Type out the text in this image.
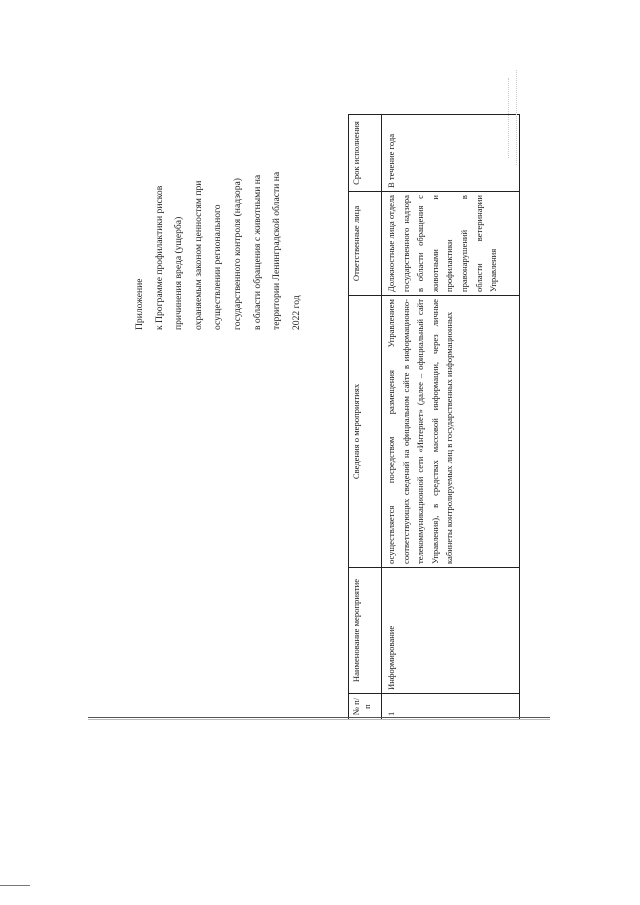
Приложение к Программе профилактики рисков причинения вреда (ущерба) охраняемым законом ценностям при осуществлении регионального государственного контроля (надзора) в области обращения с животными на территории Ленинградской области на 2022 год
№ п/п	Наименование мероприятие	Сведения о мероприятиях	Ответственные лица	Срок исполнения
1	Информирование	осуществляется посредством размещения Управлением соответствующих сведений на официальном сайте в информационно-телекоммуникационной сети «Интернет» (далее – официальный сайт Управления), в средствах массовой информации, через личные кабинеты контролируемых лиц в государственных информационных	Должностные лица отдела государственного надзора в области обращения с животными и профилактики правонарушений в области ветеринарии Управления	В течение года
